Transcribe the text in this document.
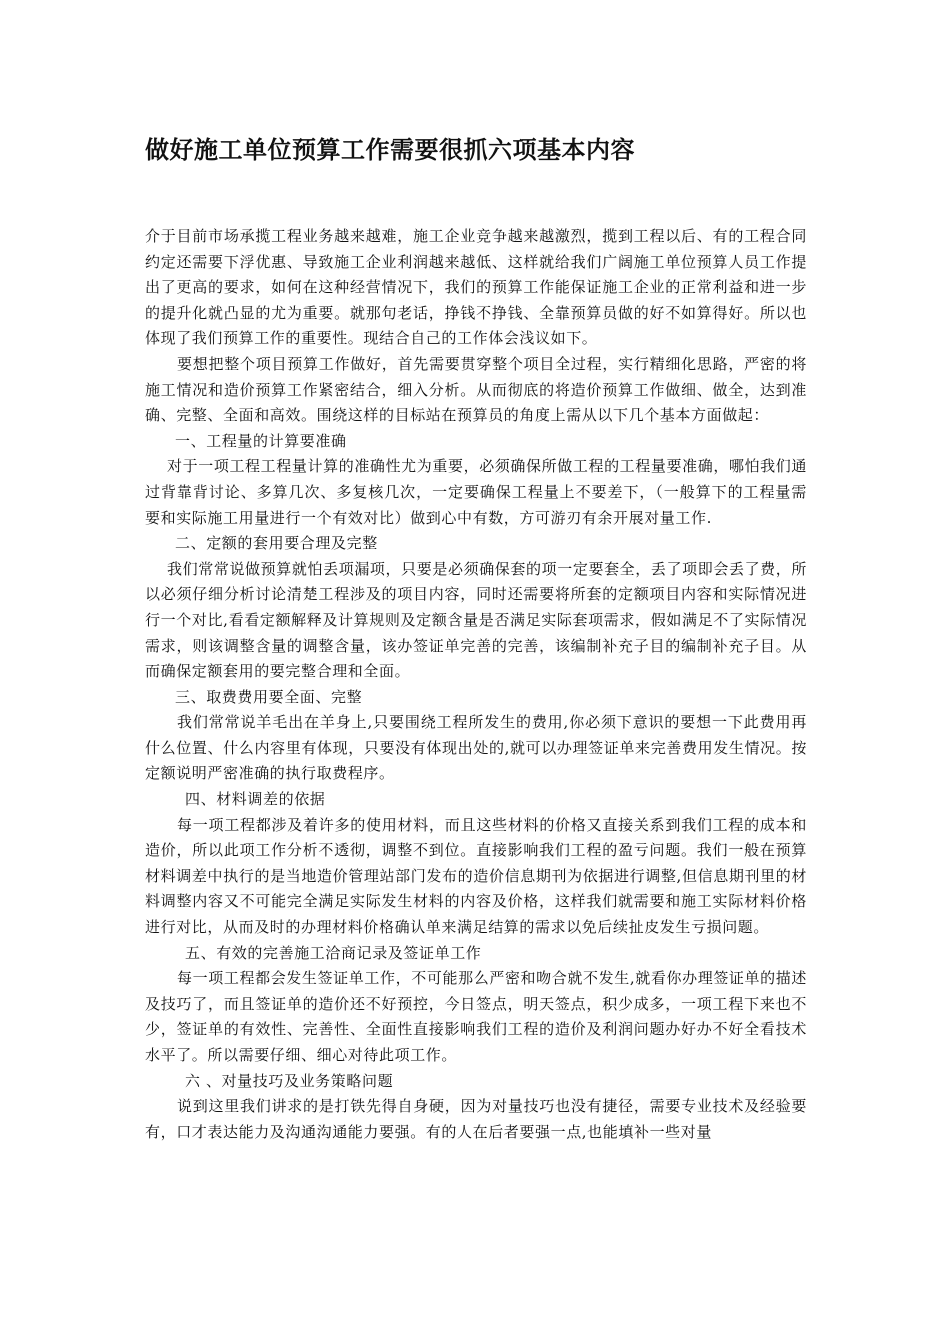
做好施工单位预算工作需要很抓六项基本内容

介于目前市场承揽工程业务越来越难，施工企业竞争越来越激烈，揽到工程以后、有的工程合同约定还需要下浮优惠、导致施工企业利润越来越低、这样就给我们广阔施工单位预算人员工作提出了更高的要求，如何在这种经营情况下，我们的预算工作能保证施工企业的正常利益和进一步的提升化就凸显的尤为重要。就那句老话，挣钱不挣钱、全靠预算员做的好不如算得好。所以也体现了我们预算工作的重要性。现结合自己的工作体会浅议如下。

要想把整个项目预算工作做好，首先需要贯穿整个项目全过程，实行精细化思路，严密的将施工情况和造价预算工作紧密结合，细入分析。从而彻底的将造价预算工作做细、做全，达到准确、完整、全面和高效。围绕这样的目标站在预算员的角度上需从以下几个基本方面做起：

一、工程量的计算要准确

对于一项工程工程量计算的准确性尤为重要，必须确保所做工程的工程量要准确，哪怕我们通过背靠背讨论、多算几次、多复核几次，一定要确保工程量上不要差下，（一般算下的工程量需要和实际施工用量进行一个有效对比）做到心中有数，方可游刃有余开展对量工作.

二、定额的套用要合理及完整

我们常常说做预算就怕丢项漏项，只要是必须确保套的项一定要套全，丢了项即会丢了费，所以必须仔细分析讨论清楚工程涉及的项目内容，同时还需要将所套的定额项目内容和实际情况进行一个对比,看看定额解释及计算规则及定额含量是否满足实际套项需求，假如满足不了实际情况需求，则该调整含量的调整含量，该办签证单完善的完善，该编制补充子目的编制补充子目。从而确保定额套用的要完整合理和全面。

三、取费费用要全面、完整

我们常常说羊毛出在羊身上,只要围绕工程所发生的费用,你必须下意识的要想一下此费用再什么位置、什么内容里有体现，只要没有体现出处的,就可以办理签证单来完善费用发生情况。按定额说明严密准确的执行取费程序。

四、材料调差的依据

每一项工程都涉及着许多的使用材料，而且这些材料的价格又直接关系到我们工程的成本和造价，所以此项工作分析不透彻，调整不到位。直接影响我们工程的盈亏问题。我们一般在预算材料调差中执行的是当地造价管理站部门发布的造价信息期刊为依据进行调整,但信息期刊里的材料调整内容又不可能完全满足实际发生材料的内容及价格，这样我们就需要和施工实际材料价格进行对比，从而及时的办理材料价格确认单来满足结算的需求以免后续扯皮发生亏损问题。

五、有效的完善施工洽商记录及签证单工作

每一项工程都会发生签证单工作，不可能那么严密和吻合就不发生,就看你办理签证单的描述及技巧了，而且签证单的造价还不好预控，今日签点，明天签点，积少成多，一项工程下来也不少，签证单的有效性、完善性、全面性直接影响我们工程的造价及利润问题办好办不好全看技术水平了。所以需要仔细、细心对待此项工作。

六 、对量技巧及业务策略问题

说到这里我们讲求的是打铁先得自身硬，因为对量技巧也没有捷径，需要专业技术及经验要有，口才表达能力及沟通沟通能力要强。有的人在后者要强一点,也能填补一些对量
